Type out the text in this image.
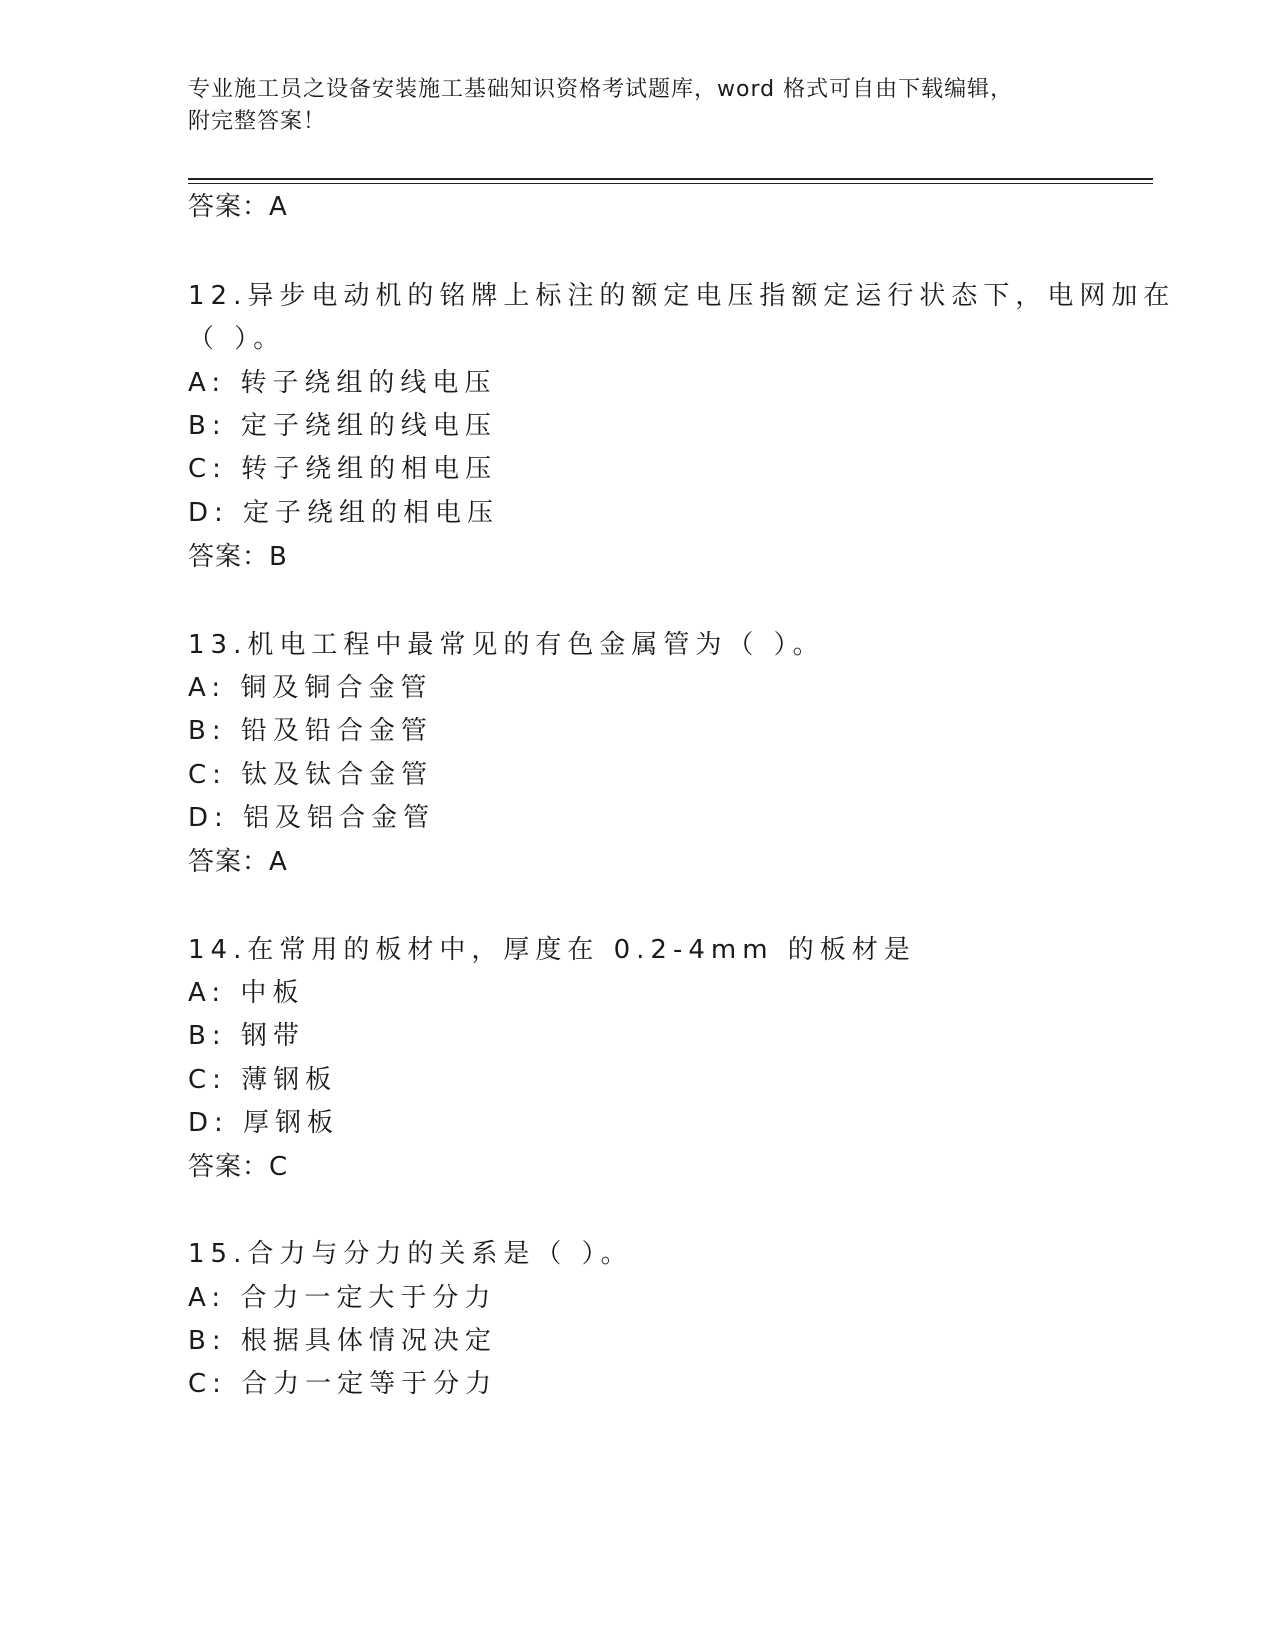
专业施工员之设备安装施工基础知识资格考试题库，word 格式可自由下载编辑，
附完整答案！
答案：A
12.异步电动机的铭牌上标注的额定电压指额定运行状态下，电网加在
（ ）。
A: 转子绕组的线电压
B: 定子绕组的线电压
C: 转子绕组的相电压
D: 定子绕组的相电压
答案：B
13.机电工程中最常见的有色金属管为（ ）。
A: 铜及铜合金管
B: 铅及铅合金管
C: 钛及钛合金管
D: 铝及铝合金管
答案：A
14.在常用的板材中，厚度在 0.2-4mm 的板材是
A: 中板
B: 钢带
C: 薄钢板
D: 厚钢板
答案：C
15.合力与分力的关系是（ ）。
A: 合力一定大于分力
B: 根据具体情况决定
C: 合力一定等于分力
